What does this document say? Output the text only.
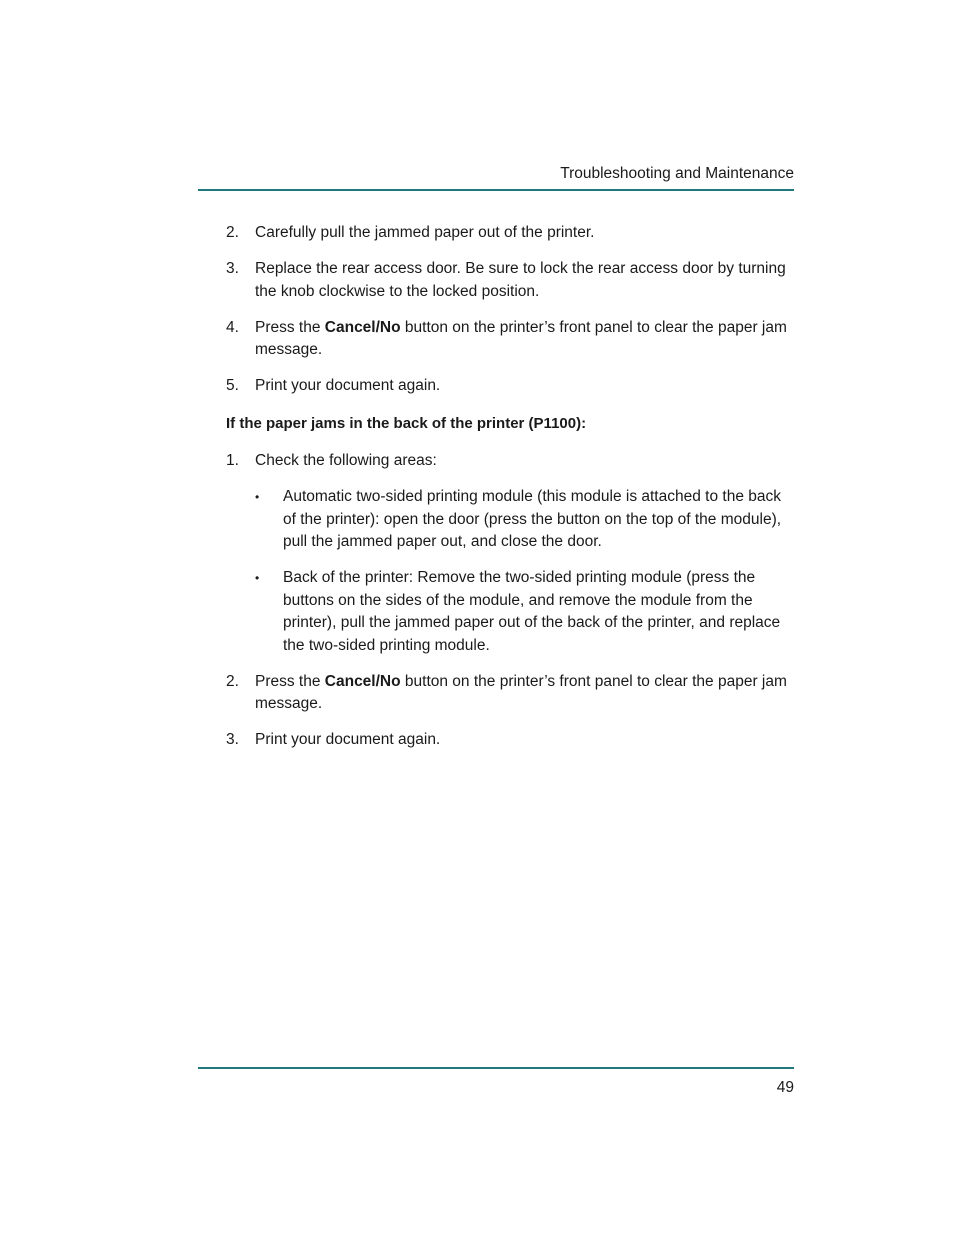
Troubleshooting and Maintenance
2.	Carefully pull the jammed paper out of the printer.
3.	Replace the rear access door. Be sure to lock the rear access door by turning the knob clockwise to the locked position.
4.	Press the Cancel/No button on the printer’s front panel to clear the paper jam message.
5.	Print your document again.
If the paper jams in the back of the printer (P1100):
1.	Check the following areas:
•	Automatic two-sided printing module (this module is attached to the back of the printer): open the door (press the button on the top of the module), pull the jammed paper out, and close the door.
•	Back of the printer: Remove the two-sided printing module (press the buttons on the sides of the module, and remove the module from the printer), pull the jammed paper out of the back of the printer, and replace the two-sided printing module.
2.	Press the Cancel/No button on the printer’s front panel to clear the paper jam message.
3.	Print your document again.
49
